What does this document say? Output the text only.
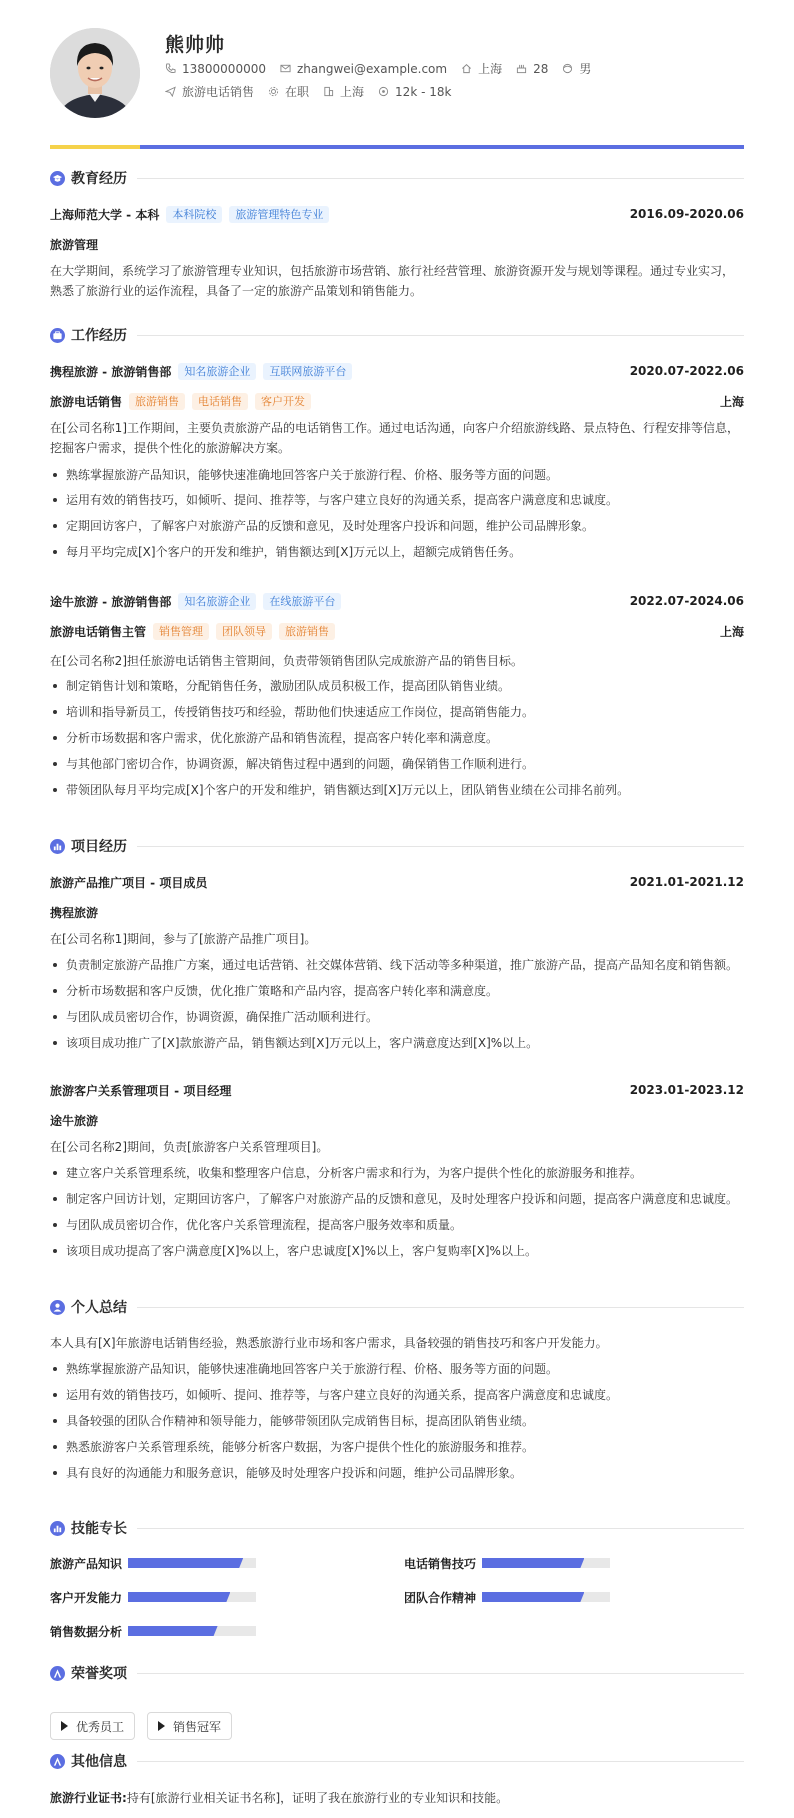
熊帅帅
13800000000	zhangwei@example.com	上海	28	男
旅游电话销售	在职	上海	12k - 18k
教育经历
上海师范大学 - 本科	本科院校	旅游管理特色专业	2016.09-2020.06
旅游管理
在大学期间，系统学习了旅游管理专业知识，包括旅游市场营销、旅行社经营管理、旅游资源开发与规划等课程。通过专业实习，熟悉了旅游行业的运作流程，具备了一定的旅游产品策划和销售能力。
工作经历
携程旅游 - 旅游销售部	知名旅游企业	互联网旅游平台	2020.07-2022.06
旅游电话销售	旅游销售	电话销售	客户开发	上海
在[公司名称1]工作期间，主要负责旅游产品的电话销售工作。通过电话沟通，向客户介绍旅游线路、景点特色、行程安排等信息，挖掘客户需求，提供个性化的旅游解决方案。
熟练掌握旅游产品知识，能够快速准确地回答客户关于旅游行程、价格、服务等方面的问题。
运用有效的销售技巧，如倾听、提问、推荐等，与客户建立良好的沟通关系，提高客户满意度和忠诚度。
定期回访客户，了解客户对旅游产品的反馈和意见，及时处理客户投诉和问题，维护公司品牌形象。
每月平均完成[X]个客户的开发和维护，销售额达到[X]万元以上，超额完成销售任务。
途牛旅游 - 旅游销售部	知名旅游企业	在线旅游平台	2022.07-2024.06
旅游电话销售主管	销售管理	团队领导	旅游销售	上海
在[公司名称2]担任旅游电话销售主管期间，负责带领销售团队完成旅游产品的销售目标。
制定销售计划和策略，分配销售任务，激励团队成员积极工作，提高团队销售业绩。
培训和指导新员工，传授销售技巧和经验，帮助他们快速适应工作岗位，提高销售能力。
分析市场数据和客户需求，优化旅游产品和销售流程，提高客户转化率和满意度。
与其他部门密切合作，协调资源，解决销售过程中遇到的问题，确保销售工作顺利进行。
带领团队每月平均完成[X]个客户的开发和维护，销售额达到[X]万元以上，团队销售业绩在公司排名前列。
项目经历
旅游产品推广项目 - 项目成员	2021.01-2021.12
携程旅游
在[公司名称1]期间，参与了[旅游产品推广项目]。
负责制定旅游产品推广方案，通过电话营销、社交媒体营销、线下活动等多种渠道，推广旅游产品，提高产品知名度和销售额。
分析市场数据和客户反馈，优化推广策略和产品内容，提高客户转化率和满意度。
与团队成员密切合作，协调资源，确保推广活动顺利进行。
该项目成功推广了[X]款旅游产品，销售额达到[X]万元以上，客户满意度达到[X]%以上。
旅游客户关系管理项目 - 项目经理	2023.01-2023.12
途牛旅游
在[公司名称2]期间，负责[旅游客户关系管理项目]。
建立客户关系管理系统，收集和整理客户信息，分析客户需求和行为，为客户提供个性化的旅游服务和推荐。
制定客户回访计划，定期回访客户，了解客户对旅游产品的反馈和意见，及时处理客户投诉和问题，提高客户满意度和忠诚度。
与团队成员密切合作，优化客户关系管理流程，提高客户服务效率和质量。
该项目成功提高了客户满意度[X]%以上，客户忠诚度[X]%以上，客户复购率[X]%以上。
个人总结
本人具有[X]年旅游电话销售经验，熟悉旅游行业市场和客户需求，具备较强的销售技巧和客户开发能力。
熟练掌握旅游产品知识，能够快速准确地回答客户关于旅游行程、价格、服务等方面的问题。
运用有效的销售技巧，如倾听、提问、推荐等，与客户建立良好的沟通关系，提高客户满意度和忠诚度。
具备较强的团队合作精神和领导能力，能够带领团队完成销售目标，提高团队销售业绩。
熟悉旅游客户关系管理系统，能够分析客户数据，为客户提供个性化的旅游服务和推荐。
具有良好的沟通能力和服务意识，能够及时处理客户投诉和问题，维护公司品牌形象。
技能专长
旅游产品知识	电话销售技巧
客户开发能力	团队合作精神
销售数据分析
荣誉奖项
优秀员工	销售冠军
其他信息
旅游行业证书:持有[旅游行业相关证书名称]，证明了我在旅游行业的专业知识和技能。
